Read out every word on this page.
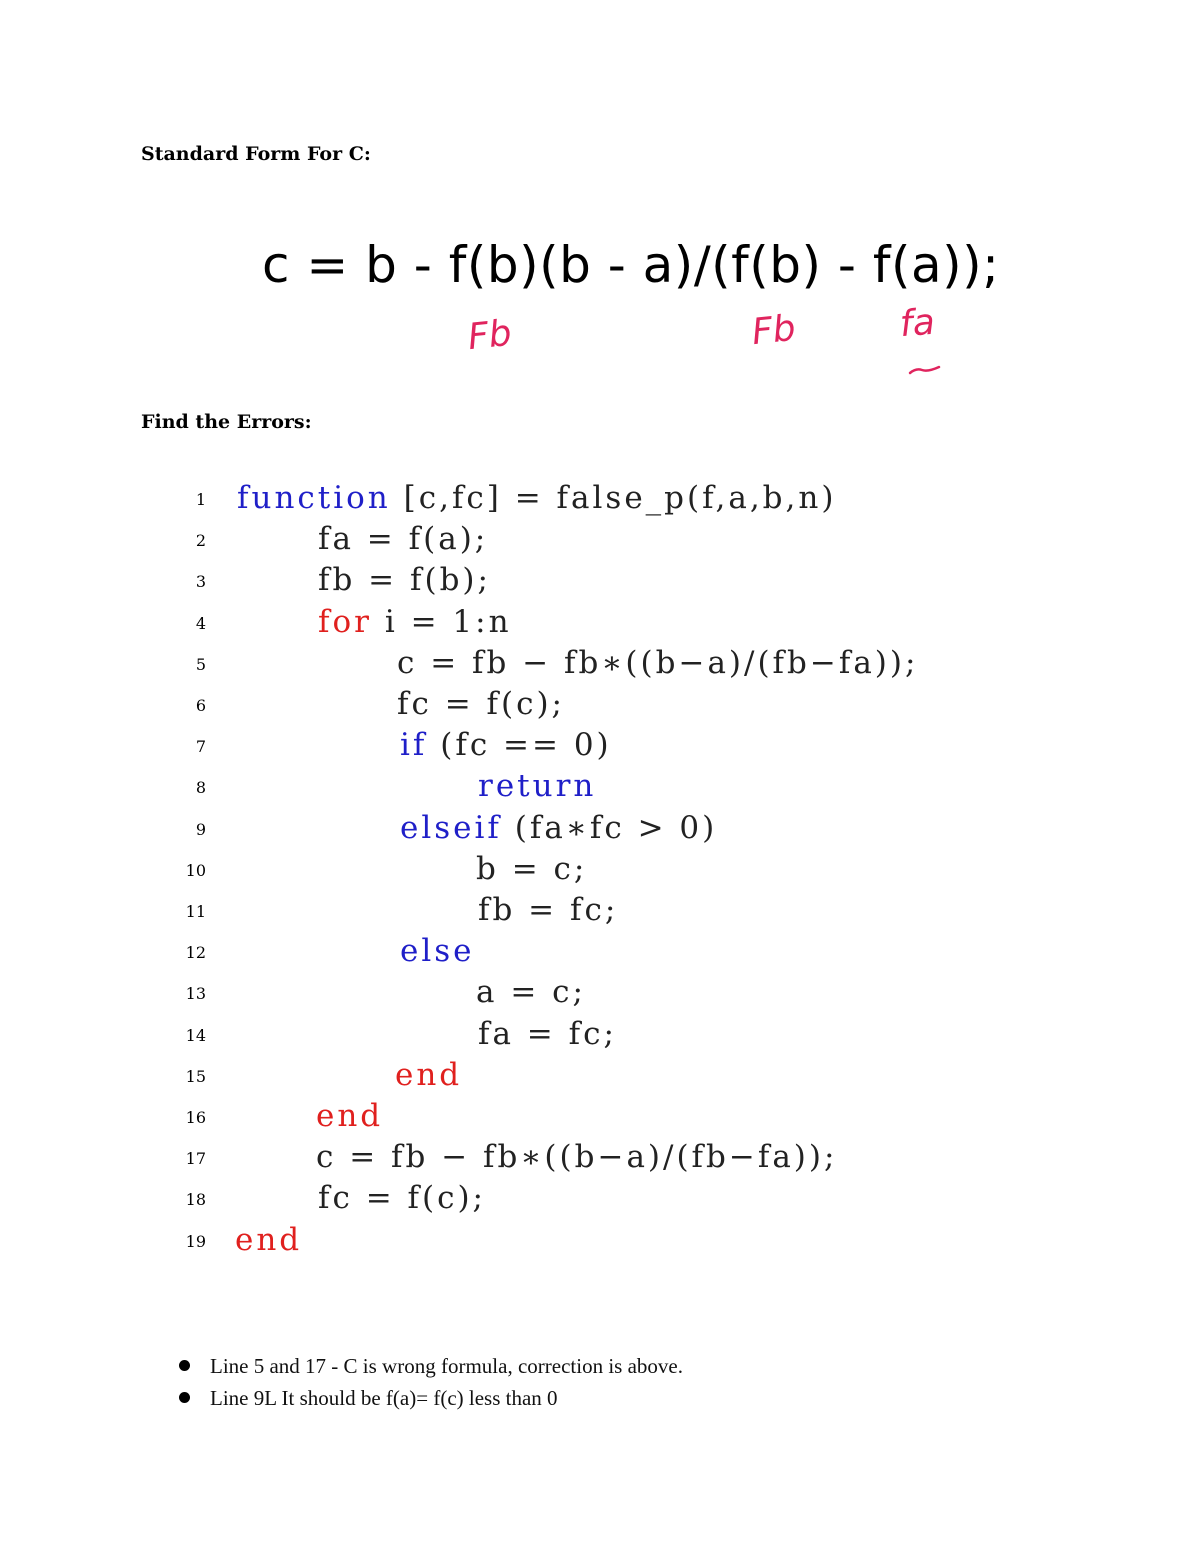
Standard Form For C:
c = b - f(b)(b - a)/(f(b) - f(a));
Fb	Fb	fa
Find the Errors:
1 function [c,fc] = false_p(f,a,b,n)
2	fa = f(a);
3	fb = f(b);
4	for i = 1:n
5	c = fb − fb∗((b−a)/(fb−fa));
6	fc = f(c);
7	if (fc == 0)
8	return
9	elseif (fa∗fc > 0)
10	b = c;
11	fb = fc;
12	else
13	a = c;
14	fa = fc;
15	end
16	end
17	c = fb − fb∗((b−a)/(fb−fa));
18	fc = f(c);
19 end
Line 5 and 17 - C is wrong formula, correction is above.
Line 9L It should be f(a)= f(c) less than 0
